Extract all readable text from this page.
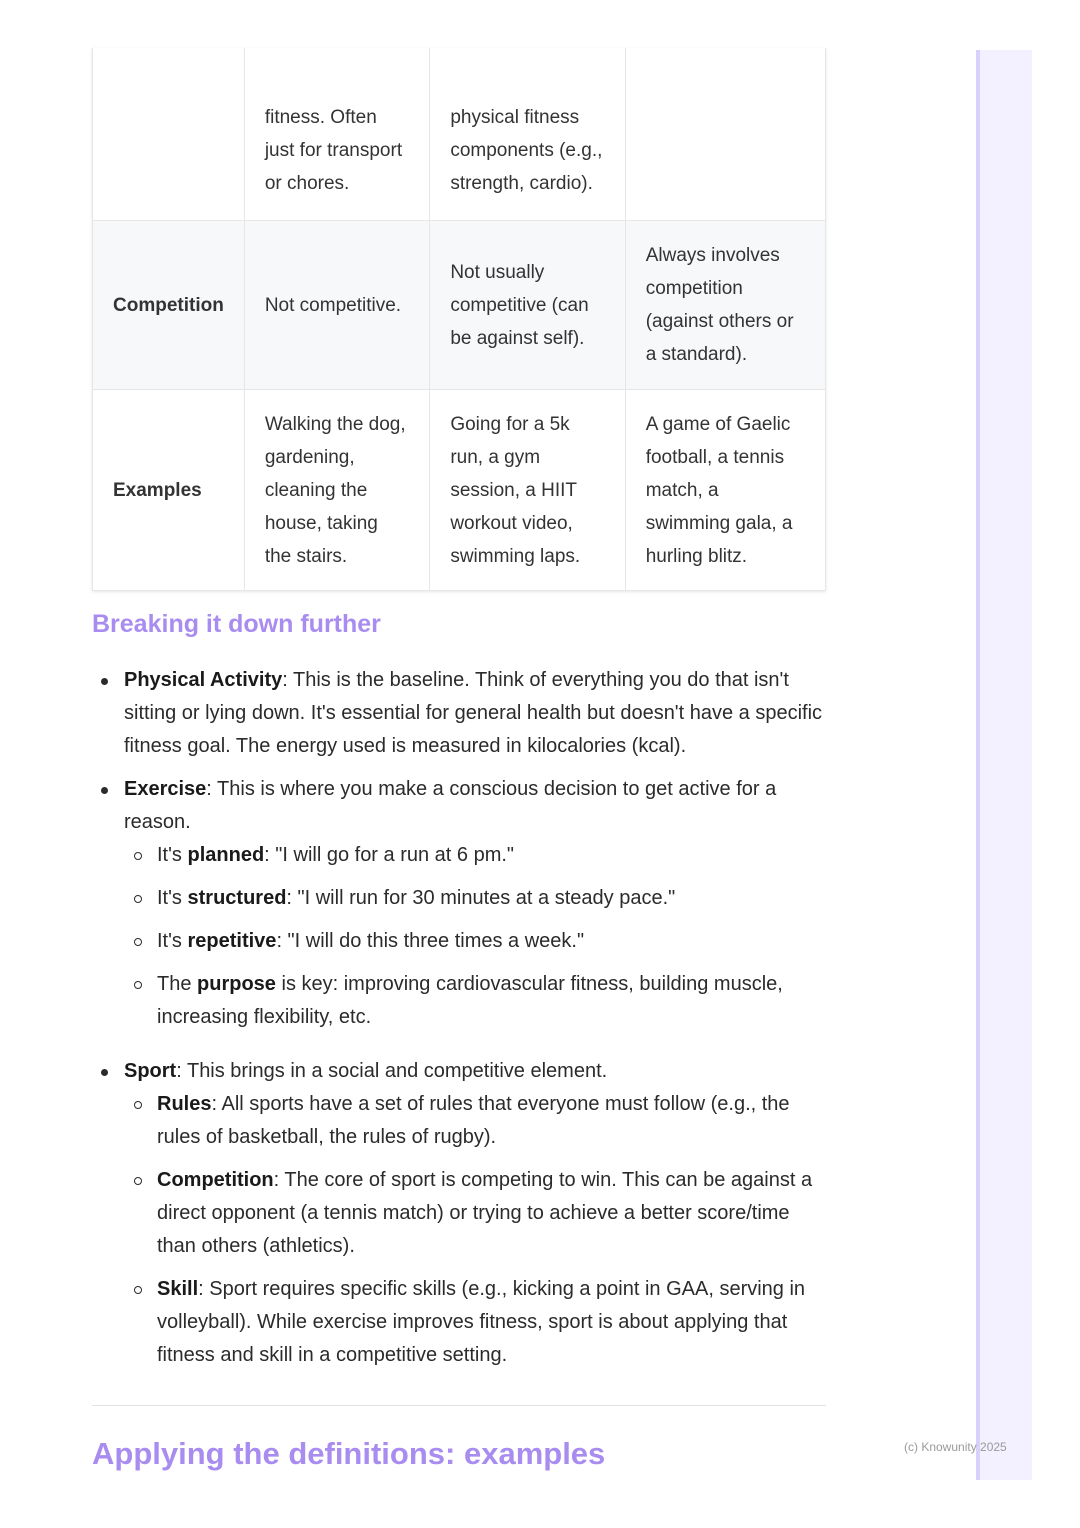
(c) Knowunity 2025
	fitness. Often just for transport or chores.	physical fitness components (e.g., strength, cardio).	
Competition	Not competitive.	Not usually competitive (can be against self).	Always involves competition (against others or a standard).
Examples	Walking the dog, gardening, cleaning the house, taking the stairs.	Going for a 5k run, a gym session, a HIIT workout video, swimming laps.	A game of Gaelic football, a tennis match, a swimming gala, a hurling blitz.
Breaking it down further
Physical Activity: This is the baseline. Think of everything you do that isn't sitting or lying down. It's essential for general health but doesn't have a specific fitness goal. The energy used is measured in kilocalories (kcal).
Exercise: This is where you make a conscious decision to get active for a reason.
It's planned: "I will go for a run at 6 pm."
It's structured: "I will run for 30 minutes at a steady pace."
It's repetitive: "I will do this three times a week."
The purpose is key: improving cardiovascular fitness, building muscle, increasing flexibility, etc.
Sport: This brings in a social and competitive element.
Rules: All sports have a set of rules that everyone must follow (e.g., the rules of basketball, the rules of rugby).
Competition: The core of sport is competing to win. This can be against a direct opponent (a tennis match) or trying to achieve a better score/time than others (athletics).
Skill: Sport requires specific skills (e.g., kicking a point in GAA, serving in volleyball). While exercise improves fitness, sport is about applying that fitness and skill in a competitive setting.
Applying the definitions: examples
